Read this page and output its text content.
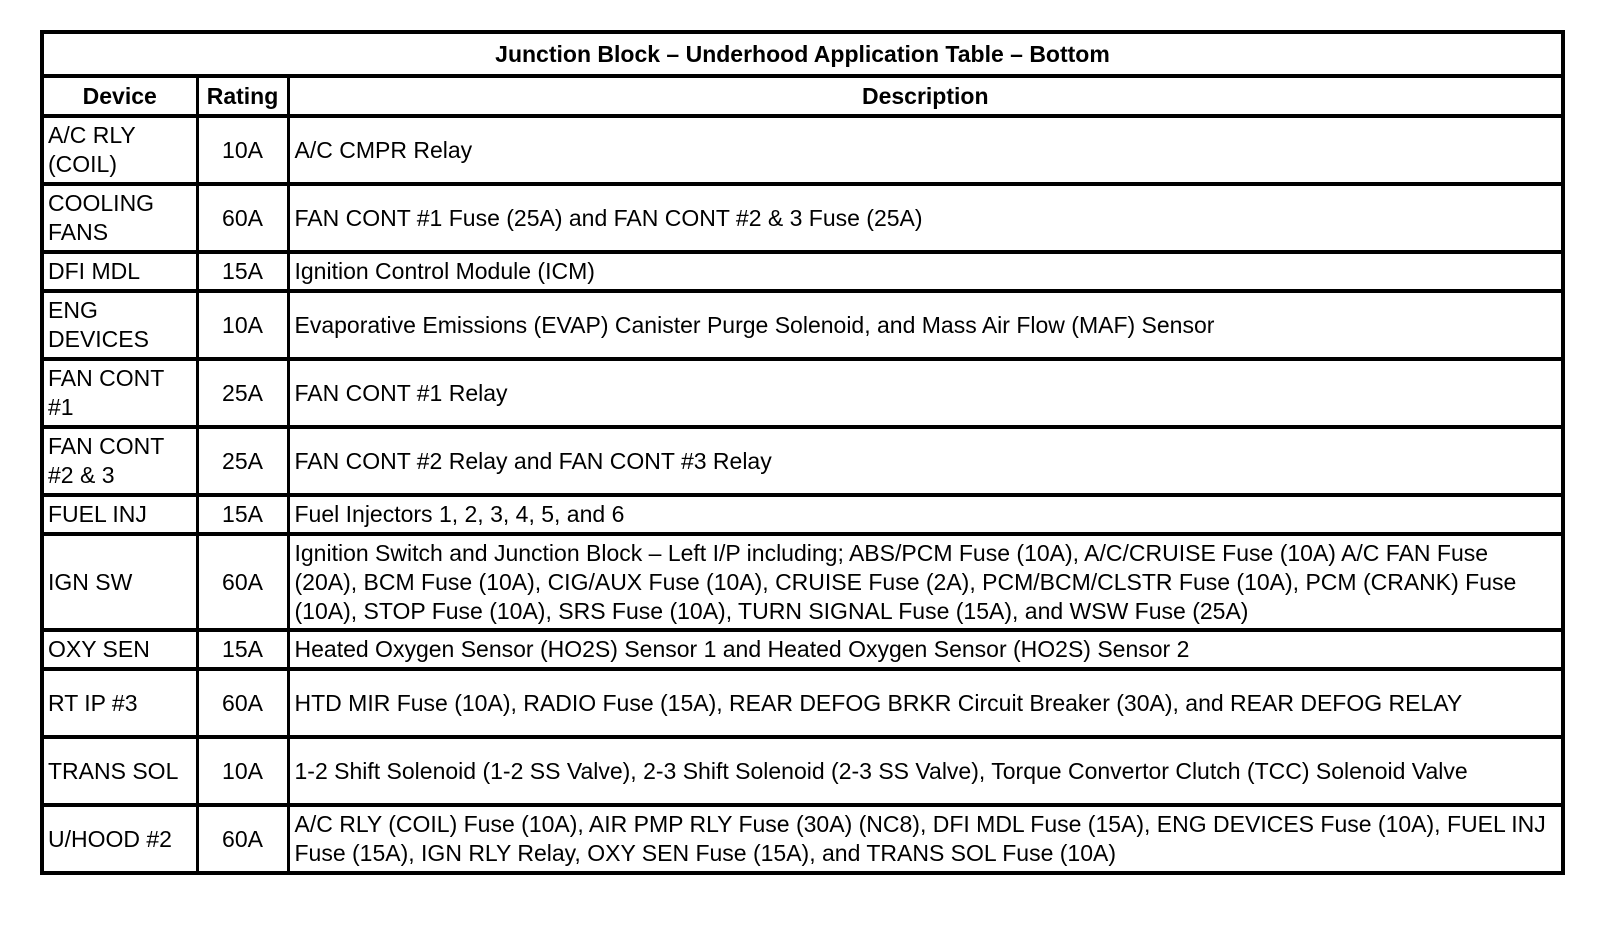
Junction Block – Underhood Application Table – Bottom		
Device	Rating	Description
A/C RLY (COIL)	10A	A/C CMPR Relay
COOLING FANS	60A	FAN CONT #1 Fuse (25A) and FAN CONT #2 & 3 Fuse (25A)
DFI MDL	15A	Ignition Control Module (ICM)
ENG DEVICES	10A	Evaporative Emissions (EVAP) Canister Purge Solenoid, and Mass Air Flow (MAF) Sensor
FAN CONT #1	25A	FAN CONT #1 Relay
FAN CONT #2 & 3	25A	FAN CONT #2 Relay and FAN CONT #3 Relay
FUEL INJ	15A	Fuel Injectors 1, 2, 3, 4, 5, and 6
IGN SW	60A	Ignition Switch and Junction Block – Left I/P including; ABS/PCM Fuse (10A), A/C/CRUISE Fuse (10A) A/C FAN Fuse (20A), BCM Fuse (10A), CIG/AUX Fuse (10A), CRUISE Fuse (2A), PCM/BCM/CLSTR Fuse (10A), PCM (CRANK) Fuse (10A), STOP Fuse (10A), SRS Fuse (10A), TURN SIGNAL Fuse (15A), and WSW Fuse (25A)
OXY SEN	15A	Heated Oxygen Sensor (HO2S) Sensor 1 and Heated Oxygen Sensor (HO2S) Sensor 2
RT IP #3	60A	HTD MIR Fuse (10A), RADIO Fuse (15A), REAR DEFOG BRKR Circuit Breaker (30A), and REAR DEFOG RELAY
TRANS SOL	10A	1-2 Shift Solenoid (1-2 SS Valve), 2-3 Shift Solenoid (2-3 SS Valve), Torque Convertor Clutch (TCC) Solenoid Valve
U/HOOD #2	60A	A/C RLY (COIL) Fuse (10A), AIR PMP RLY Fuse (30A) (NC8), DFI MDL Fuse (15A), ENG DEVICES Fuse (10A), FUEL INJ Fuse (15A), IGN RLY Relay, OXY SEN Fuse (15A), and TRANS SOL Fuse (10A)
